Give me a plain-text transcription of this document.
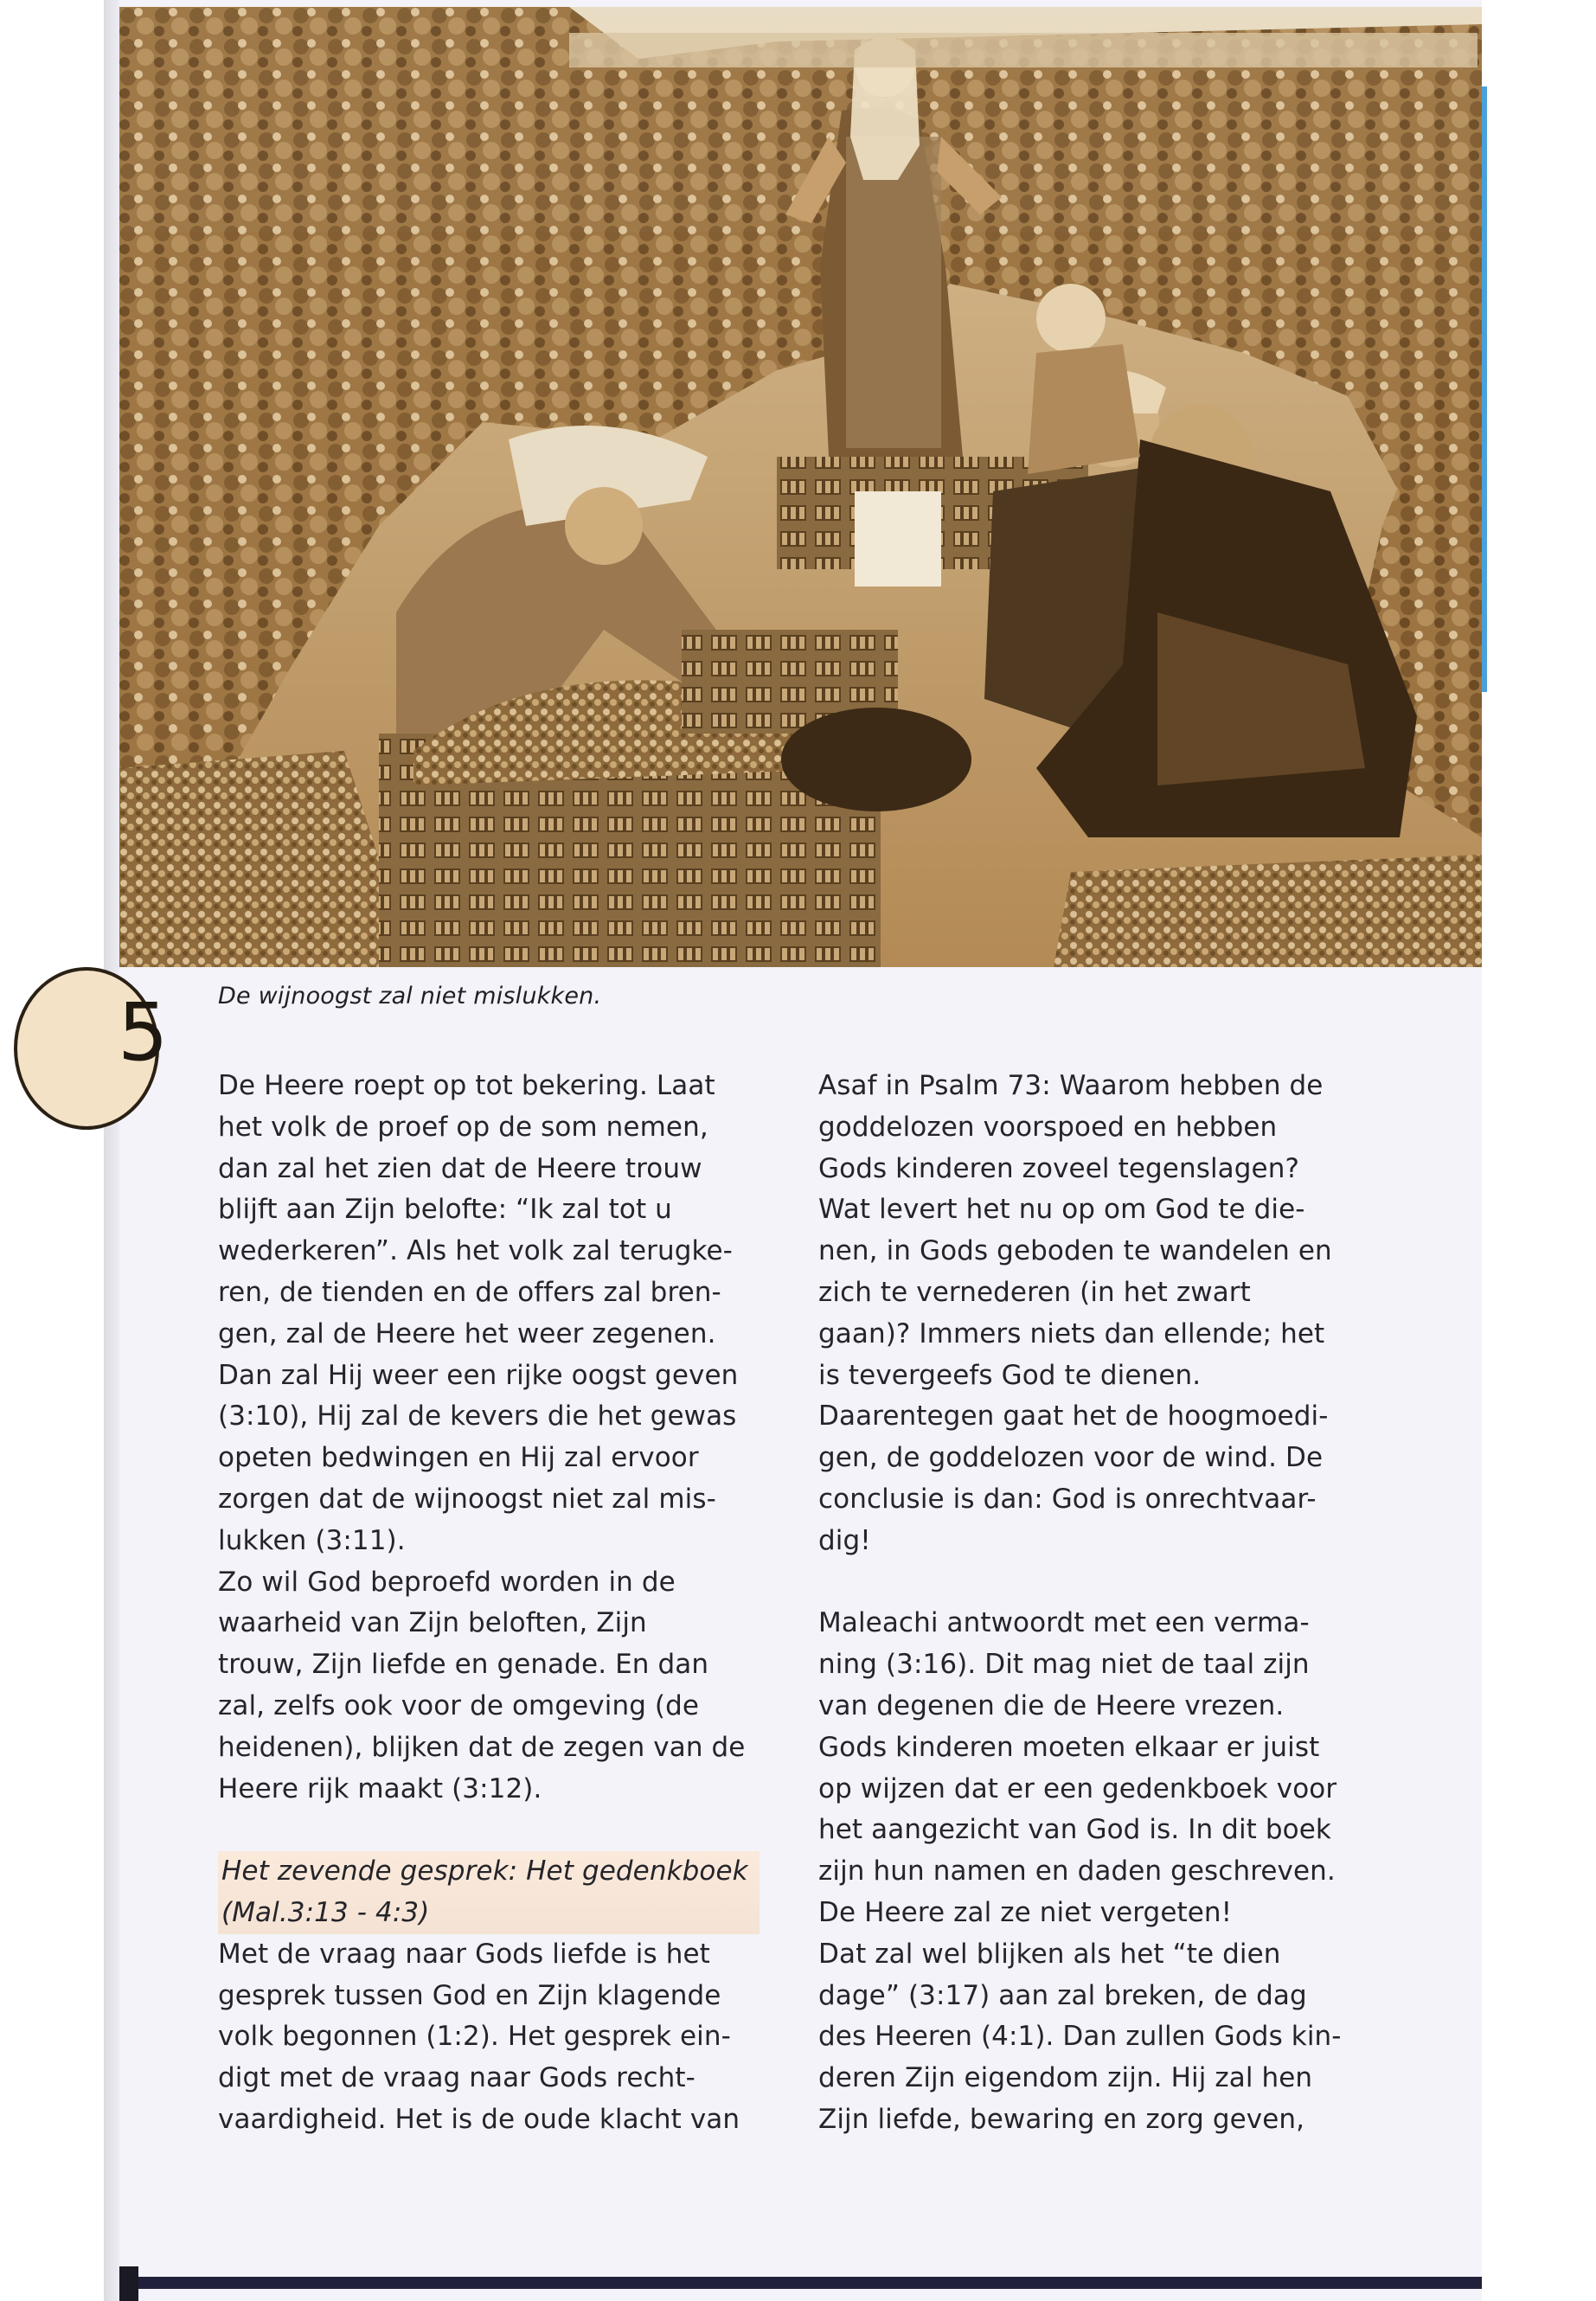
5 De wijnoogst zal niet mislukken.

De Heere roept op tot bekering. Laat
het volk de proef op de som nemen,
dan zal het zien dat de Heere trouw
blijft aan Zijn belofte: “Ik zal tot u
wederkeren”. Als het volk zal terugke-
ren, de tienden en de offers zal bren-
gen, zal de Heere het weer zegenen.
Dan zal Hij weer een rijke oogst geven
(3:10), Hij zal de kevers die het gewas
opeten bedwingen en Hij zal ervoor
zorgen dat de wijnoogst niet zal mis-
lukken (3:11).

Zo wil God beproefd worden in de
waarheid van Zijn beloften, Zijn
trouw, Zijn liefde en genade. En dan
zal, zelfs ook voor de omgeving (de
heidenen), blijken dat de zegen van de
Heere rijk maakt (3:12).

Het zevende gesprek: Het gedenkboek
(Mal.3:13 - 4:3)

Met de vraag naar Gods liefde is het
gesprek tussen God en Zijn klagende
volk begonnen (1:2). Het gesprek ein-
digt met de vraag naar Gods recht-
vaardigheid. Het is de oude klacht van

Asaf in Psalm 73: Waarom hebben de
goddelozen voorspoed en hebben
Gods kinderen zoveel tegenslagen?
Wat levert het nu op om God te die-
nen, in Gods geboden te wandelen en
zich te vernederen (in het zwart
gaan)? Immers niets dan ellende; het
is tevergeefs God te dienen.
Daarentegen gaat het de hoogmoedi-
gen, de goddelozen voor de wind. De
conclusie is dan: God is onrechtvaar-
dig!

Maleachi antwoordt met een verma-
ning (3:16). Dit mag niet de taal zijn
van degenen die de Heere vrezen.
Gods kinderen moeten elkaar er juist
op wijzen dat er een gedenkboek voor
het aangezicht van God is. In dit boek
zijn hun namen en daden geschreven.
De Heere zal ze niet vergeten!

Dat zal wel blijken als het “te dien
dage” (3:17) aan zal breken, de dag
des Heeren (4:1). Dan zullen Gods kin-
deren Zijn eigendom zijn. Hij zal hen
Zijn liefde, bewaring en zorg geven,
